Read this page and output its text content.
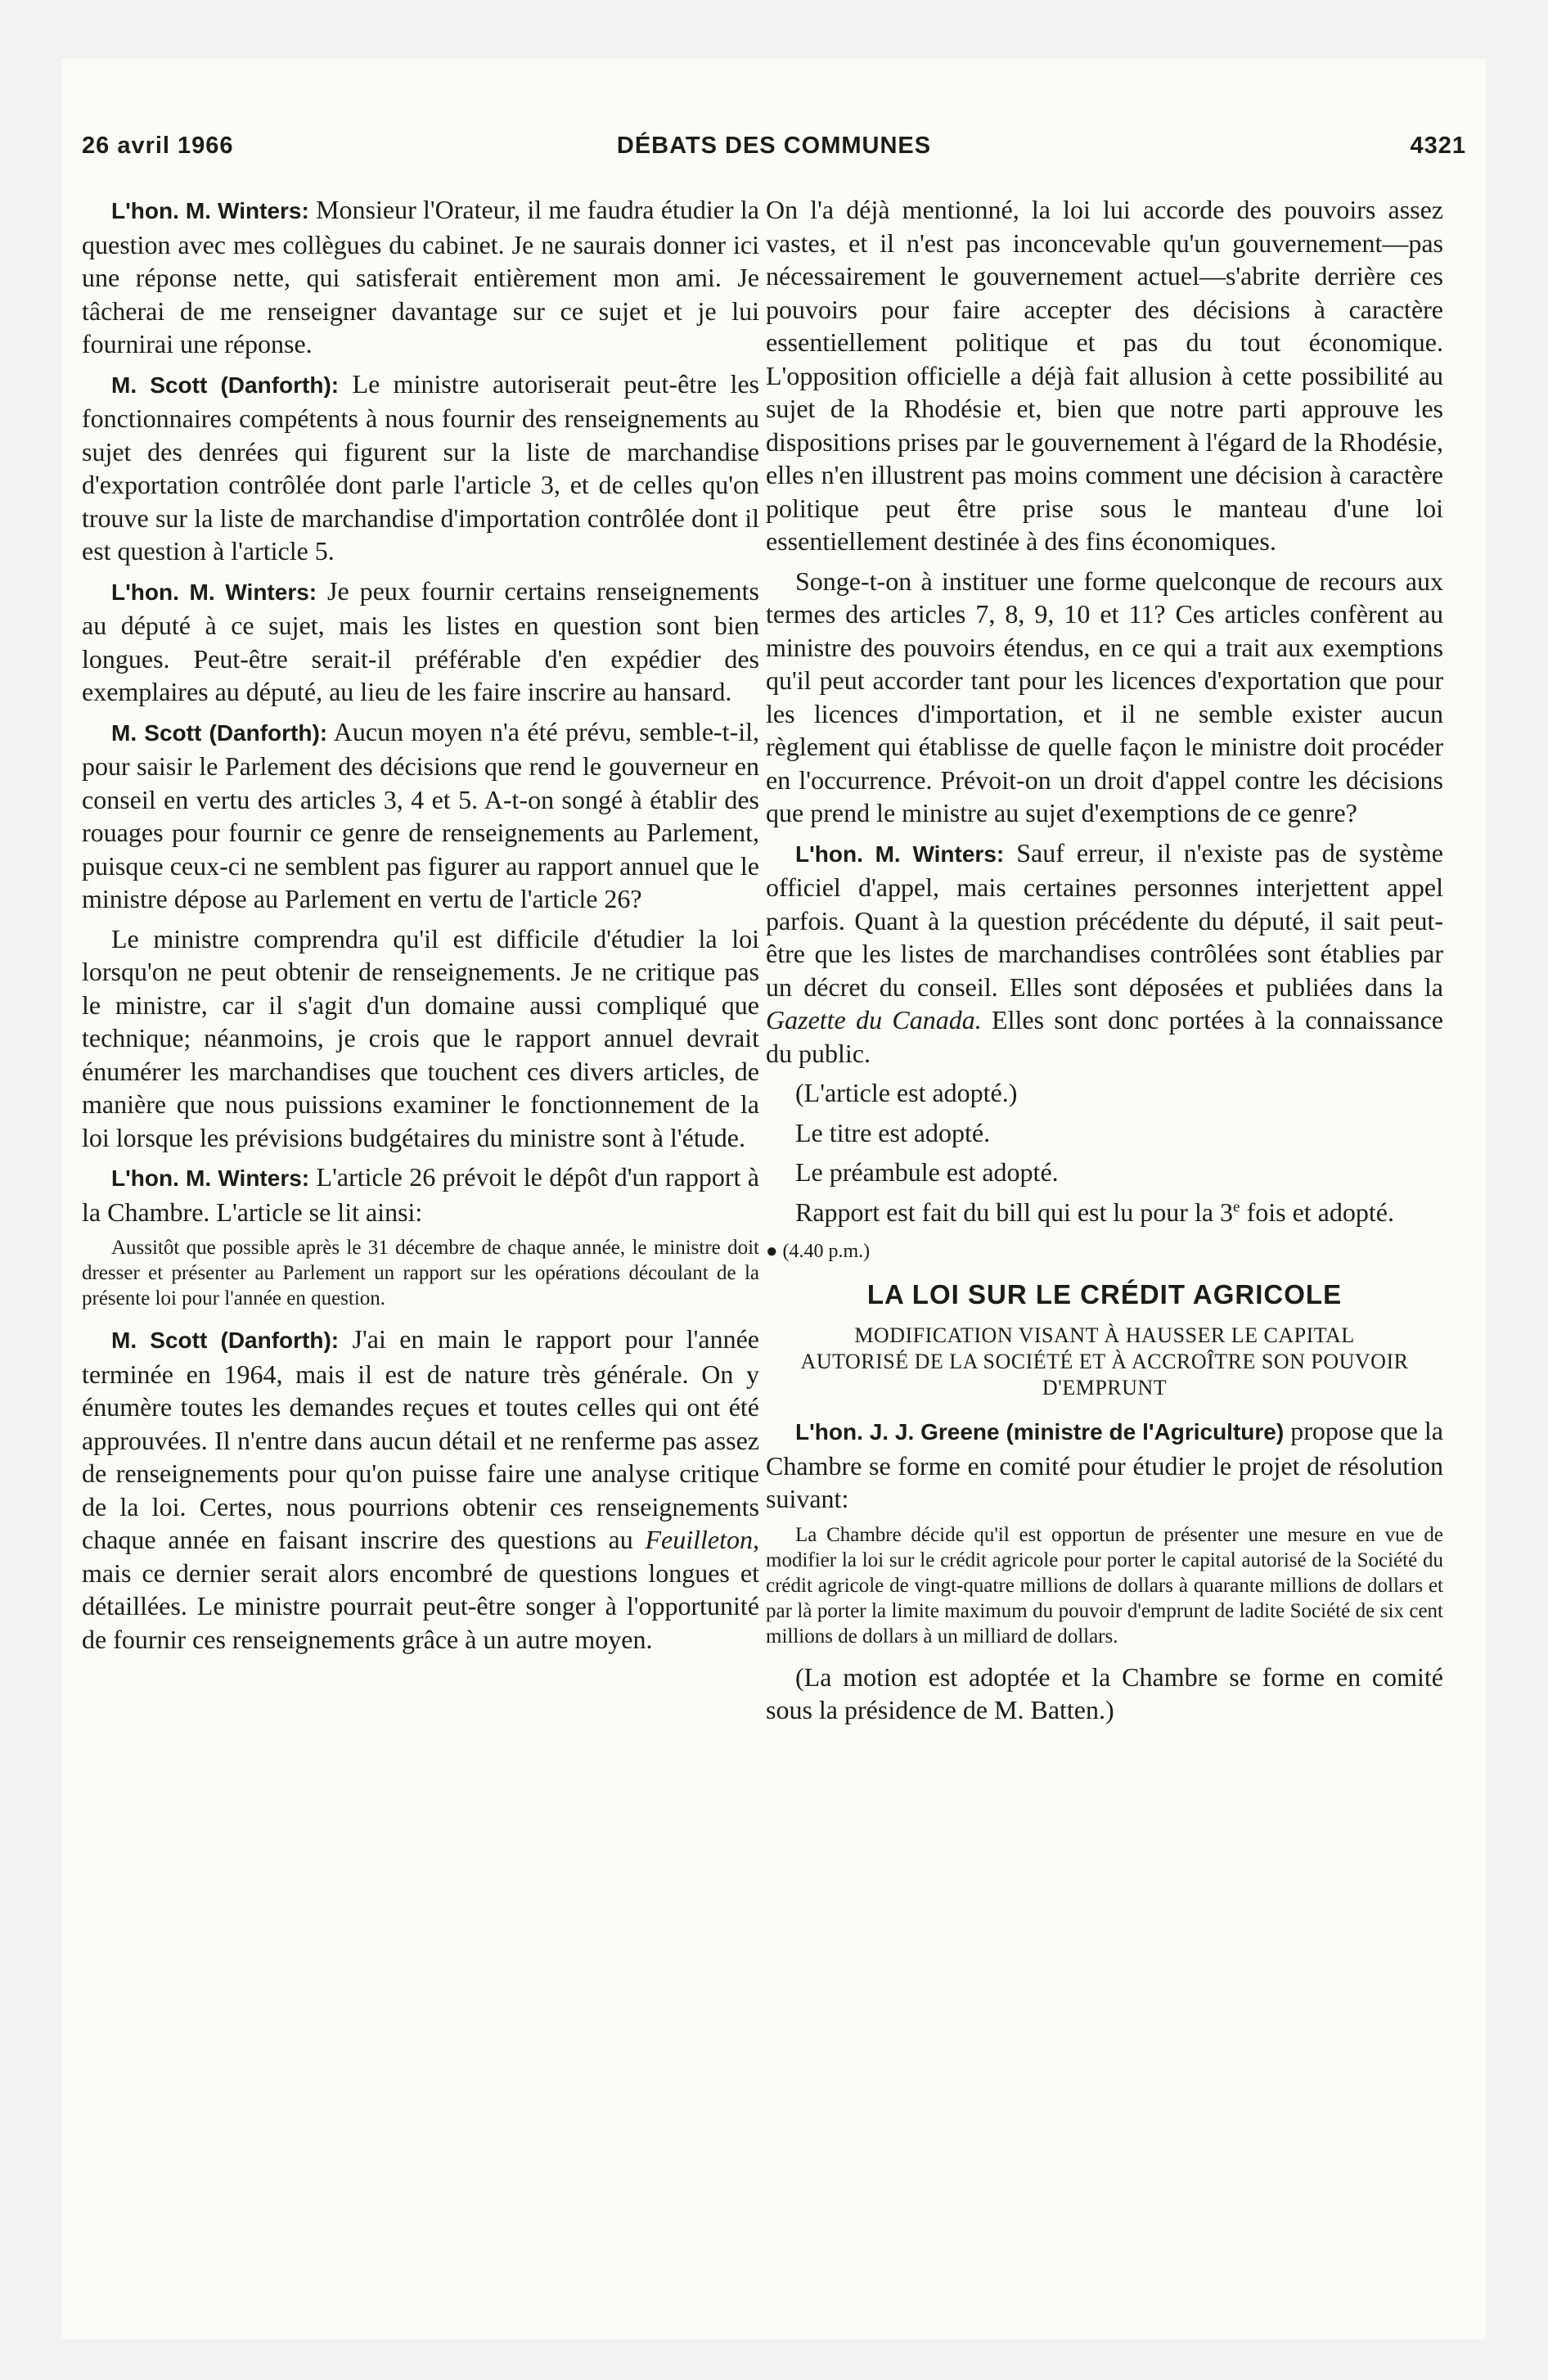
DÉBATS DES COMMUNES
26 avril 1966	4321

L'hon. M. Winters: Monsieur l'Orateur, il me faudra étudier la question avec mes collègues du cabinet. Je ne saurais donner ici une réponse nette, qui satisferait entièrement mon ami. Je tâcherai de me renseigner davantage sur ce sujet et je lui fournirai une réponse.

M. Scott (Danforth): Le ministre autoriserait peut-être les fonctionnaires compétents à nous fournir des renseignements au sujet des denrées qui figurent sur la liste de marchandise d'exportation contrôlée dont parle l'article 3, et de celles qu'on trouve sur la liste de marchandise d'importation contrôlée dont il est question à l'article 5.

L'hon. M. Winters: Je peux fournir certains renseignements au député à ce sujet, mais les listes en question sont bien longues. Peut-être serait-il préférable d'en expédier des exemplaires au député, au lieu de les faire inscrire au hansard.

M. Scott (Danforth): Aucun moyen n'a été prévu, semble-t-il, pour saisir le Parlement des décisions que rend le gouverneur en conseil en vertu des articles 3, 4 et 5. A-t-on songé à établir des rouages pour fournir ce genre de renseignements au Parlement, puisque ceux-ci ne semblent pas figurer au rapport annuel que le ministre dépose au Parlement en vertu de l'article 26?

Le ministre comprendra qu'il est difficile d'étudier la loi lorsqu'on ne peut obtenir de renseignements. Je ne critique pas le ministre, car il s'agit d'un domaine aussi compliqué que technique; néanmoins, je crois que le rapport annuel devrait énumérer les marchandises que touchent ces divers articles, de manière que nous puissions examiner le fonctionnement de la loi lorsque les prévisions budgétaires du ministre sont à l'étude.

L'hon. M. Winters: L'article 26 prévoit le dépôt d'un rapport à la Chambre. L'article se lit ainsi:

Aussitôt que possible après le 31 décembre de chaque année, le ministre doit dresser et présenter au Parlement un rapport sur les opérations découlant de la présente loi pour l'année en question.

M. Scott (Danforth): J'ai en main le rapport pour l'année terminée en 1964, mais il est de nature très générale. On y énumère toutes les demandes reçues et toutes celles qui ont été approuvées. Il n'entre dans aucun détail et ne renferme pas assez de renseignements pour qu'on puisse faire une analyse critique de la loi. Certes, nous pourrions obtenir ces renseignements chaque année en faisant inscrire des questions au Feuilleton, mais ce dernier serait alors encombré de questions longues et détaillées. Le ministre pourrait peut-être songer à l'opportunité de fournir ces renseignements grâce à un autre moyen.

On l'a déjà mentionné, la loi lui accorde des pouvoirs assez vastes, et il n'est pas inconcevable qu'un gouvernement—pas nécessairement le gouvernement actuel—s'abrite derrière ces pouvoirs pour faire accepter des décisions à caractère essentiellement politique et pas du tout économique. L'opposition officielle a déjà fait allusion à cette possibilité au sujet de la Rhodésie et, bien que notre parti approuve les dispositions prises par le gouvernement à l'égard de la Rhodésie, elles n'en illustrent pas moins comment une décision à caractère politique peut être prise sous le manteau d'une loi essentiellement destinée à des fins économiques.

Songe-t-on à instituer une forme quelconque de recours aux termes des articles 7, 8, 9, 10 et 11? Ces articles confèrent au ministre des pouvoirs étendus, en ce qui a trait aux exemptions qu'il peut accorder tant pour les licences d'exportation que pour les licences d'importation, et il ne semble exister aucun règlement qui établisse de quelle façon le ministre doit procéder en l'occurrence. Prévoit-on un droit d'appel contre les décisions que prend le ministre au sujet d'exemptions de ce genre?

L'hon. M. Winters: Sauf erreur, il n'existe pas de système officiel d'appel, mais certaines personnes interjettent appel parfois. Quant à la question précédente du député, il sait peut-être que les listes de marchandises contrôlées sont établies par un décret du conseil. Elles sont déposées et publiées dans la Gazette du Canada. Elles sont donc portées à la connaissance du public.

(L'article est adopté.)

Le titre est adopté.

Le préambule est adopté.

Rapport est fait du bill qui est lu pour la 3e fois et adopté.

● (4.40 p.m.)

LA LOI SUR LE CRÉDIT AGRICOLE
MODIFICATION VISANT À HAUSSER LE CAPITAL AUTORISÉ DE LA SOCIÉTÉ ET À ACCROÎTRE SON POUVOIR D'EMPRUNT

L'hon. J. J. Greene (ministre de l'Agriculture) propose que la Chambre se forme en comité pour étudier le projet de résolution suivant:

La Chambre décide qu'il est opportun de présenter une mesure en vue de modifier la loi sur le crédit agricole pour porter le capital autorisé de la Société du crédit agricole de vingt-quatre millions de dollars à quarante millions de dollars et par là porter la limite maximum du pouvoir d'emprunt de ladite Société de six cent millions de dollars à un milliard de dollars.

(La motion est adoptée et la Chambre se forme en comité sous la présidence de M. Batten.)
